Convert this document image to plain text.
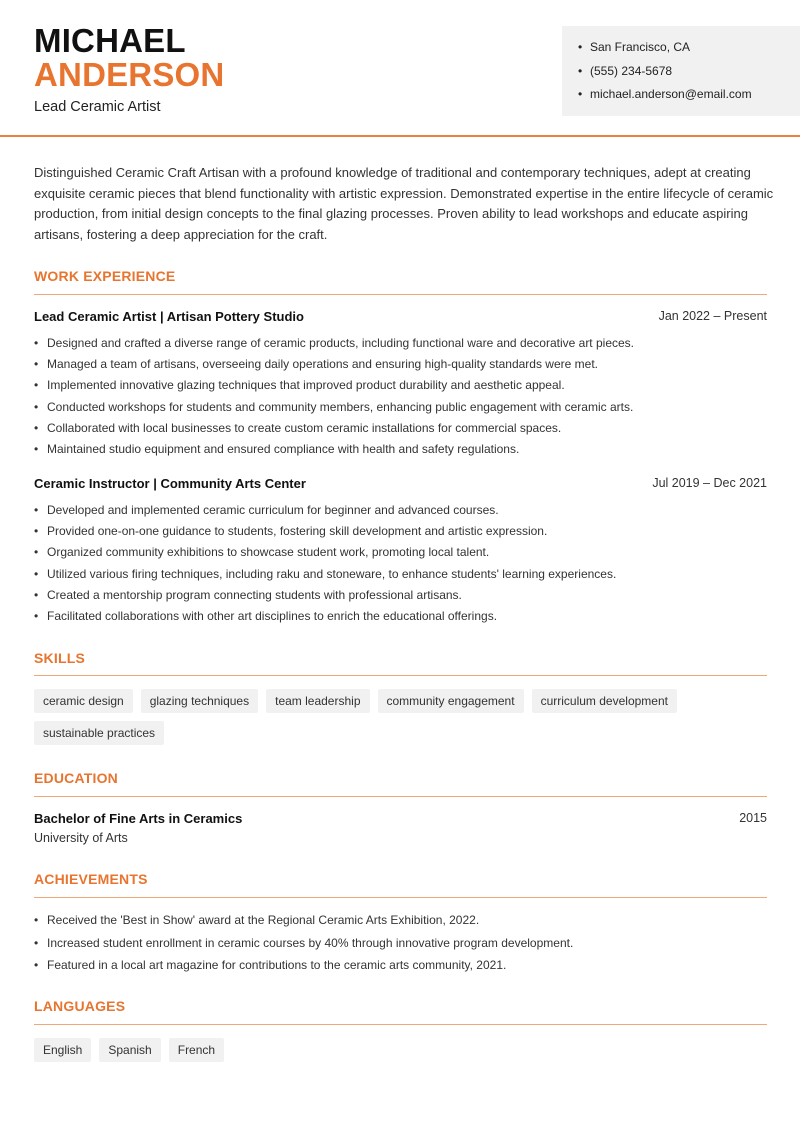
MICHAEL
ANDERSON
Lead Ceramic Artist
• San Francisco, CA
• (555) 234-5678
• michael.anderson@email.com

Distinguished Ceramic Craft Artisan with a profound knowledge of traditional and contemporary techniques, adept at creating exquisite ceramic pieces that blend functionality with artistic expression. Demonstrated expertise in the entire lifecycle of ceramic production, from initial design concepts to the final glazing processes. Proven ability to lead workshops and educate aspiring artisans, fostering a deep appreciation for the craft.

WORK EXPERIENCE
Lead Ceramic Artist | Artisan Pottery Studio	Jan 2022 – Present
• Designed and crafted a diverse range of ceramic products, including functional ware and decorative art pieces.
• Managed a team of artisans, overseeing daily operations and ensuring high-quality standards were met.
• Implemented innovative glazing techniques that improved product durability and aesthetic appeal.
• Conducted workshops for students and community members, enhancing public engagement with ceramic arts.
• Collaborated with local businesses to create custom ceramic installations for commercial spaces.
• Maintained studio equipment and ensured compliance with health and safety regulations.
Ceramic Instructor | Community Arts Center	Jul 2019 – Dec 2021
• Developed and implemented ceramic curriculum for beginner and advanced courses.
• Provided one-on-one guidance to students, fostering skill development and artistic expression.
• Organized community exhibitions to showcase student work, promoting local talent.
• Utilized various firing techniques, including raku and stoneware, to enhance students' learning experiences.
• Created a mentorship program connecting students with professional artisans.
• Facilitated collaborations with other art disciplines to enrich the educational offerings.
SKILLS
ceramic design	glazing techniques	team leadership	community engagement	curriculum development
sustainable practices
EDUCATION
Bachelor of Fine Arts in Ceramics	2015
University of Arts
ACHIEVEMENTS
• Received the 'Best in Show' award at the Regional Ceramic Arts Exhibition, 2022.
• Increased student enrollment in ceramic courses by 40% through innovative program development.
• Featured in a local art magazine for contributions to the ceramic arts community, 2021.
LANGUAGES
English	Spanish	French
